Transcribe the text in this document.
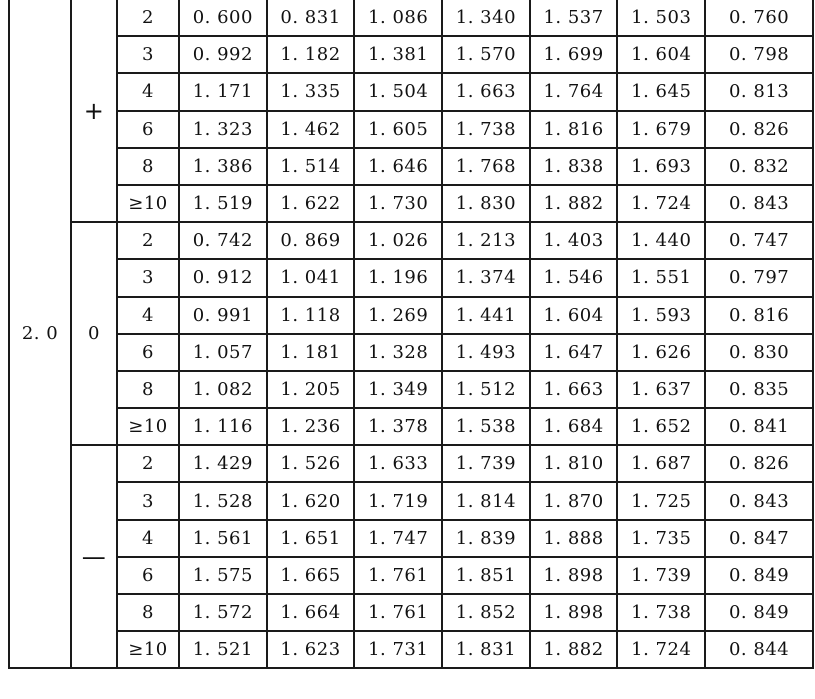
2. 0	+	2	0. 600	0. 831	1. 086	1. 340	1. 537	1. 503	0. 760
		3	0. 992	1. 182	1. 381	1. 570	1. 699	1. 604	0. 798
		4	1. 171	1. 335	1. 504	1. 663	1. 764	1. 645	0. 813
		6	1. 323	1. 462	1. 605	1. 738	1. 816	1. 679	0. 826
		8	1. 386	1. 514	1. 646	1. 768	1. 838	1. 693	0. 832
		≥10	1. 519	1. 622	1. 730	1. 830	1. 882	1. 724	0. 843
	0	2	0. 742	0. 869	1. 026	1. 213	1. 403	1. 440	0. 747
		3	0. 912	1. 041	1. 196	1. 374	1. 546	1. 551	0. 797
		4	0. 991	1. 118	1. 269	1. 441	1. 604	1. 593	0. 816
		6	1. 057	1. 181	1. 328	1. 493	1. 647	1. 626	0. 830
		8	1. 082	1. 205	1. 349	1. 512	1. 663	1. 637	0. 835
		≥10	1. 116	1. 236	1. 378	1. 538	1. 684	1. 652	0. 841
	—	2	1. 429	1. 526	1. 633	1. 739	1. 810	1. 687	0. 826
		3	1. 528	1. 620	1. 719	1. 814	1. 870	1. 725	0. 843
		4	1. 561	1. 651	1. 747	1. 839	1. 888	1. 735	0. 847
		6	1. 575	1. 665	1. 761	1. 851	1. 898	1. 739	0. 849
		8	1. 572	1. 664	1. 761	1. 852	1. 898	1. 738	0. 849
		≥10	1. 521	1. 623	1. 731	1. 831	1. 882	1. 724	0. 844
